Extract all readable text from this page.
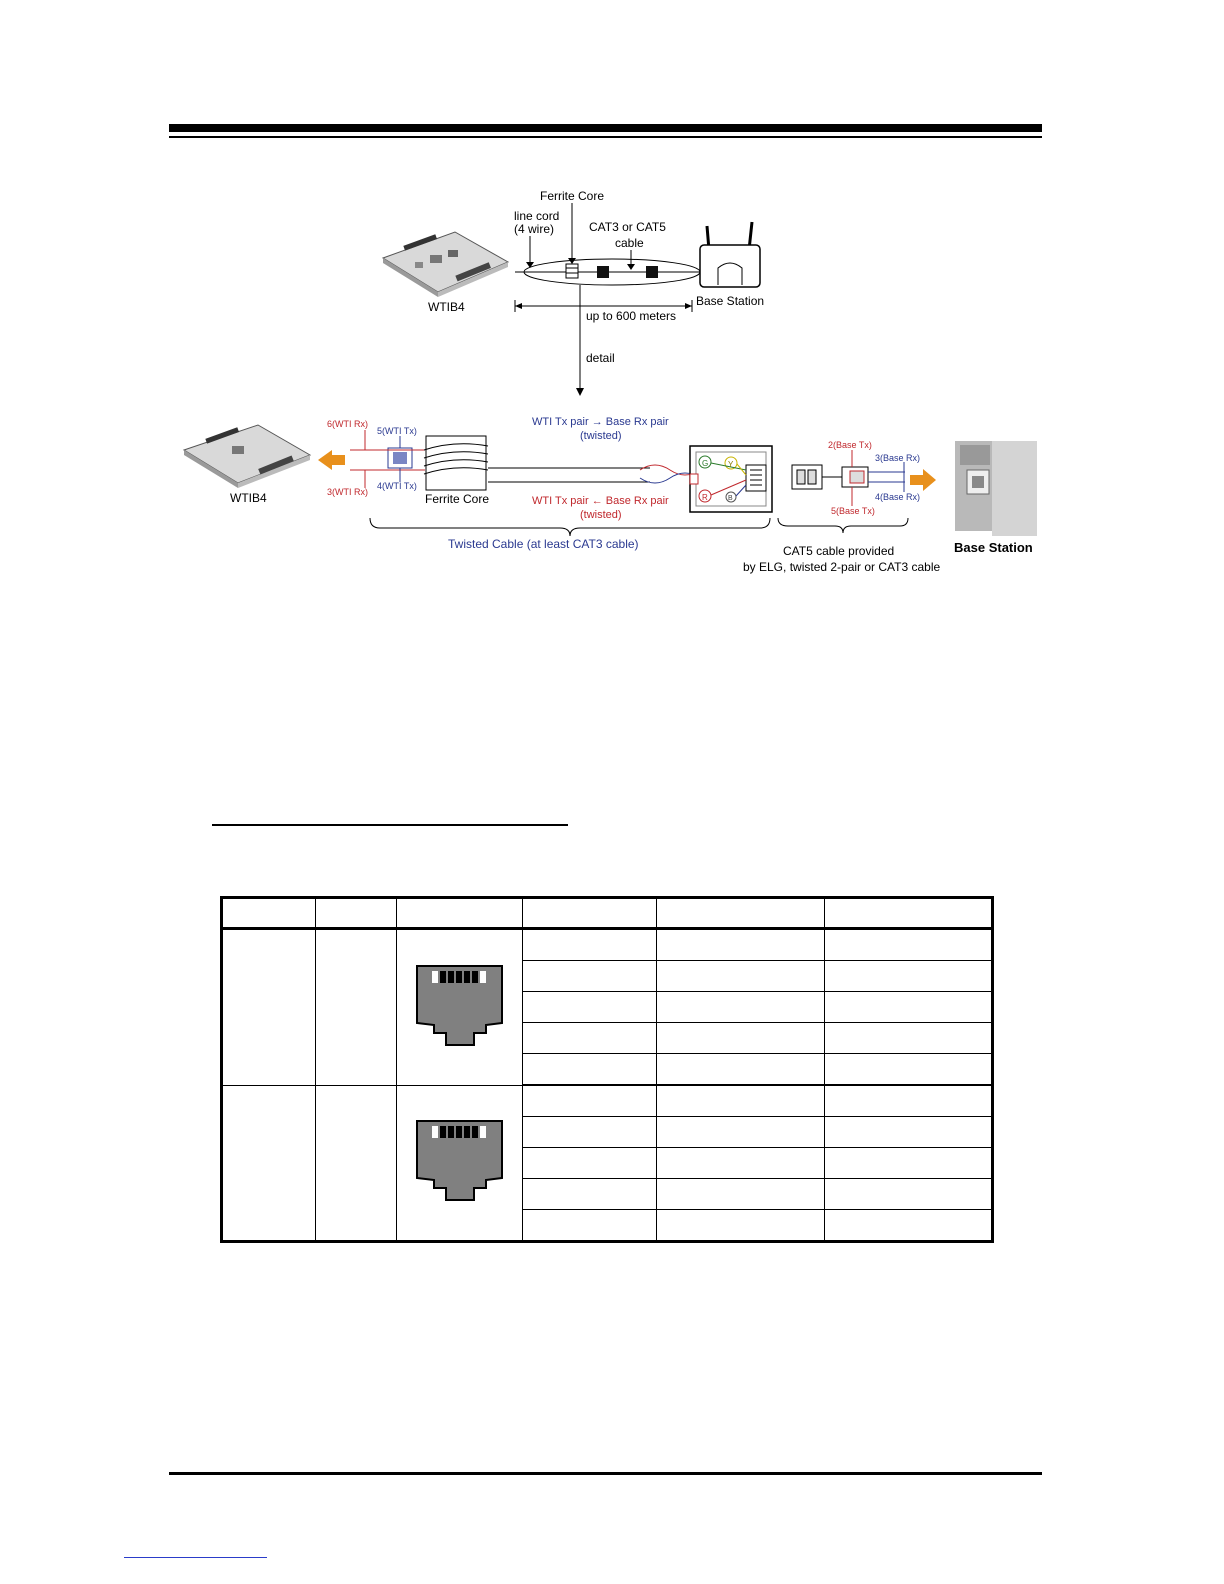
WTIB4
Ferrite Core
line cord
(4 wire)	CAT3 or CAT5
cable
Base Station
up to 600 meters
detail
WTIB4
6(WTI Rx)
5(WTI Tx)
4(WTI Tx)
3(WTI Rx)	Ferrite Core
WTI Tx pair → Base Rx pair
(twisted)
WTI Tx pair ← Base Rx pair
(twisted)
G Y
R	B
2(Base Tx)
3(Base Rx)
4(Base Rx)
5(Base Tx)
Base Station
Twisted Cable (at least CAT3 cable)	CAT5 cable provided
by ELG, twisted 2-pair or CAT3 cable
